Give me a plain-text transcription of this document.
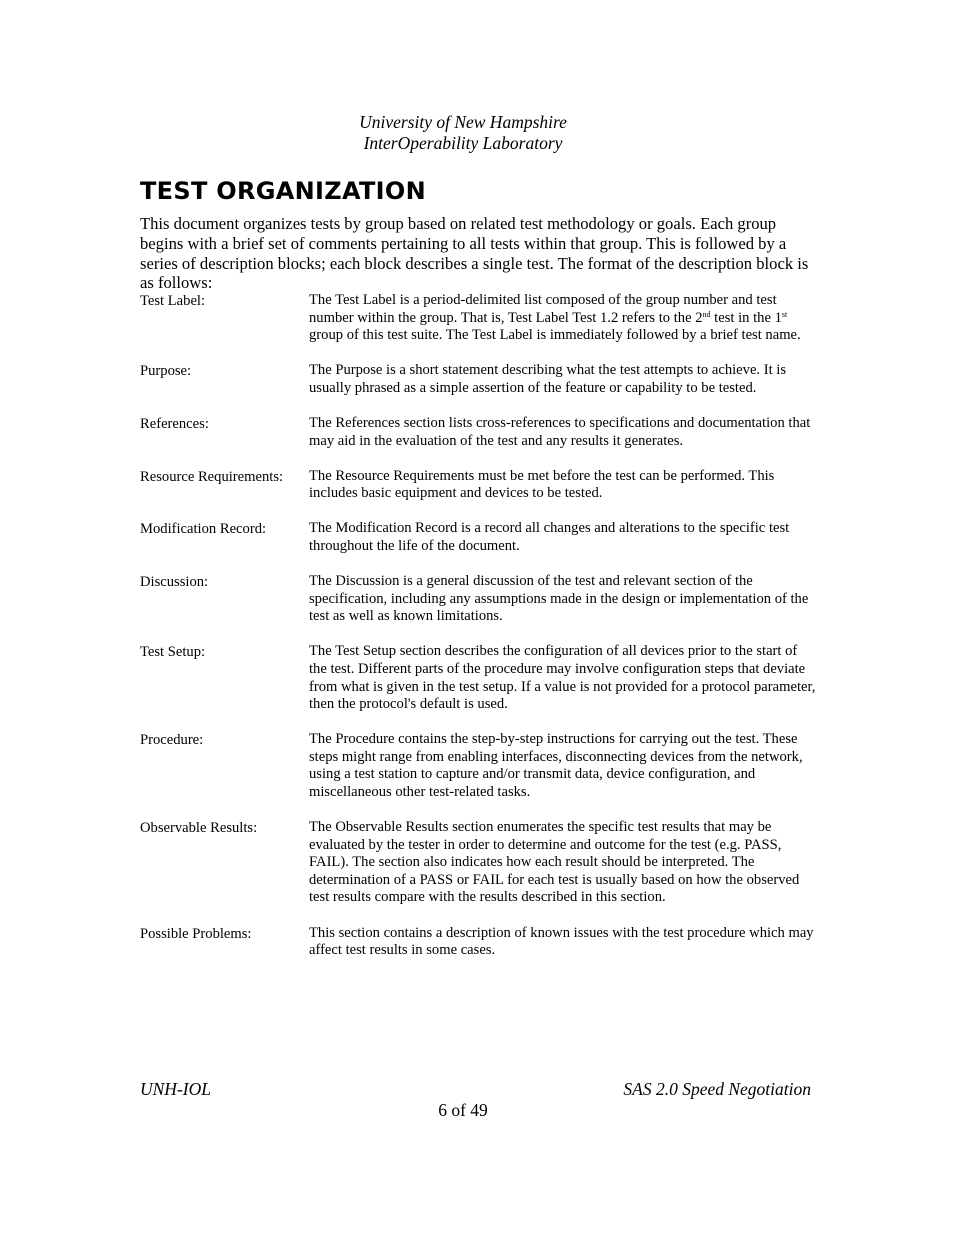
University of New Hampshire
InterOperability Laboratory
TEST ORGANIZATION

This document organizes tests by group based on related test methodology or goals. Each group begins with a brief set of comments pertaining to all tests within that group. This is followed by a series of description blocks; each block describes a single test. The format of the description block is as follows:

Test Label:	The Test Label is a period-delimited list composed of the group number and test number within the group. That is, Test Label Test 1.2 refers to the 2nd test in the 1st group of this test suite. The Test Label is immediately followed by a brief test name.
Purpose:	The Purpose is a short statement describing what the test attempts to achieve. It is usually phrased as a simple assertion of the feature or capability to be tested.
References:	The References section lists cross-references to specifications and documentation that may aid in the evaluation of the test and any results it generates.
Resource Requirements:	The Resource Requirements must be met before the test can be performed. This includes basic equipment and devices to be tested.
Modification Record:	The Modification Record is a record all changes and alterations to the specific test throughout the life of the document.
Discussion:	The Discussion is a general discussion of the test and relevant section of the specification, including any assumptions made in the design or implementation of the test as well as known limitations.
Test Setup:	The Test Setup section describes the configuration of all devices prior to the start of the test. Different parts of the procedure may involve configuration steps that deviate from what is given in the test setup. If a value is not provided for a protocol parameter, then the protocol's default is used.
Procedure:	The Procedure contains the step-by-step instructions for carrying out the test. These steps might range from enabling interfaces, disconnecting devices from the network, using a test station to capture and/or transmit data, device configuration, and miscellaneous other test-related tasks.
Observable Results:	The Observable Results section enumerates the specific test results that may be evaluated by the tester in order to determine and outcome for the test (e.g. PASS, FAIL). The section also indicates how each result should be interpreted. The determination of a PASS or FAIL for each test is usually based on how the observed test results compare with the results described in this section.
Possible Problems:	This section contains a description of known issues with the test procedure which may affect test results in some cases.
UNH-IOL	SAS 2.0 Speed Negotiation
6 of 49
